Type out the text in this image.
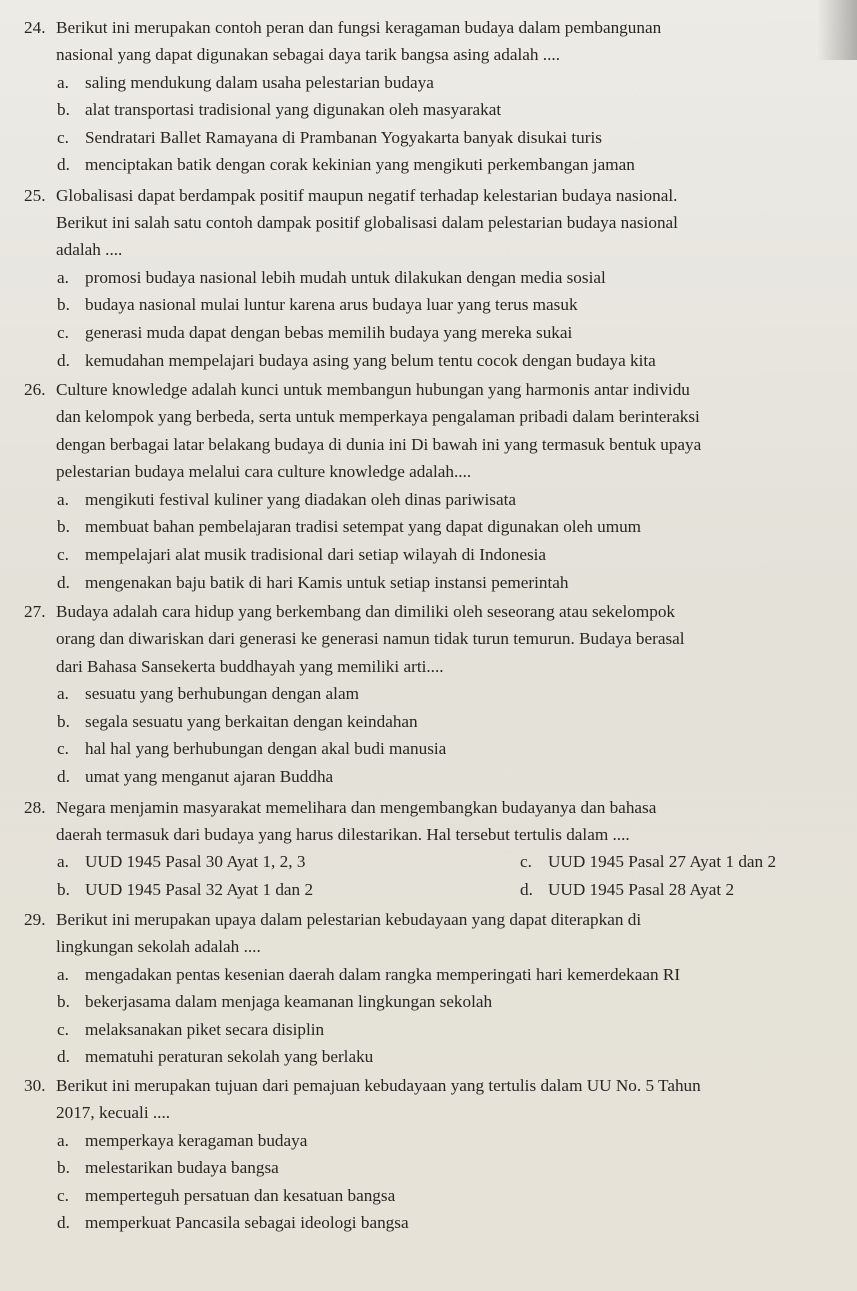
24. Berikut ini merupakan contoh peran dan fungsi keragaman budaya dalam pembangunan
nasional yang dapat digunakan sebagai daya tarik bangsa asing adalah ....
a. saling mendukung dalam usaha pelestarian budaya
b. alat transportasi tradisional yang digunakan oleh masyarakat
c. Sendratari Ballet Ramayana di Prambanan Yogyakarta banyak disukai turis
d. menciptakan batik dengan corak kekinian yang mengikuti perkembangan jaman
25. Globalisasi dapat berdampak positif maupun negatif terhadap kelestarian budaya nasional.
Berikut ini salah satu contoh dampak positif globalisasi dalam pelestarian budaya nasional
adalah ....
a. promosi budaya nasional lebih mudah untuk dilakukan dengan media sosial
b. budaya nasional mulai luntur karena arus budaya luar yang terus masuk
c. generasi muda dapat dengan bebas memilih budaya yang mereka sukai
d. kemudahan mempelajari budaya asing yang belum tentu cocok dengan budaya kita
26. Culture knowledge adalah kunci untuk membangun hubungan yang harmonis antar individu
dan kelompok yang berbeda, serta untuk memperkaya pengalaman pribadi dalam berinteraksi
dengan berbagai latar belakang budaya di dunia ini Di bawah ini yang termasuk bentuk upaya
pelestarian budaya melalui cara culture knowledge adalah....
a. mengikuti festival kuliner yang diadakan oleh dinas pariwisata
b. membuat bahan pembelajaran tradisi setempat yang dapat digunakan oleh umum
c. mempelajari alat musik tradisional dari setiap wilayah di Indonesia
d. mengenakan baju batik di hari Kamis untuk setiap instansi pemerintah
27. Budaya adalah cara hidup yang berkembang dan dimiliki oleh seseorang atau sekelompok
orang dan diwariskan dari generasi ke generasi namun tidak turun temurun. Budaya berasal
dari Bahasa Sansekerta buddhayah yang memiliki arti....
a. sesuatu yang berhubungan dengan alam
b. segala sesuatu yang berkaitan dengan keindahan
c. hal hal yang berhubungan dengan akal budi manusia
d. umat yang menganut ajaran Buddha
28. Negara menjamin masyarakat memelihara dan mengembangkan budayanya dan bahasa
daerah termasuk dari budaya yang harus dilestarikan. Hal tersebut tertulis dalam ....
a. UUD 1945 Pasal 30 Ayat 1, 2, 3	c. UUD 1945 Pasal 27 Ayat 1 dan 2
b. UUD 1945 Pasal 32 Ayat 1 dan 2	d. UUD 1945 Pasal 28 Ayat 2
29. Berikut ini merupakan upaya dalam pelestarian kebudayaan yang dapat diterapkan di
lingkungan sekolah adalah ....
a. mengadakan pentas kesenian daerah dalam rangka memperingati hari kemerdekaan RI
b. bekerjasama dalam menjaga keamanan lingkungan sekolah
c. melaksanakan piket secara disiplin
d. mematuhi peraturan sekolah yang berlaku
30. Berikut ini merupakan tujuan dari pemajuan kebudayaan yang tertulis dalam UU No. 5 Tahun
2017, kecuali ....
a. memperkaya keragaman budaya
b. melestarikan budaya bangsa
c. memperteguh persatuan dan kesatuan bangsa
d. memperkuat Pancasila sebagai ideologi bangsa
